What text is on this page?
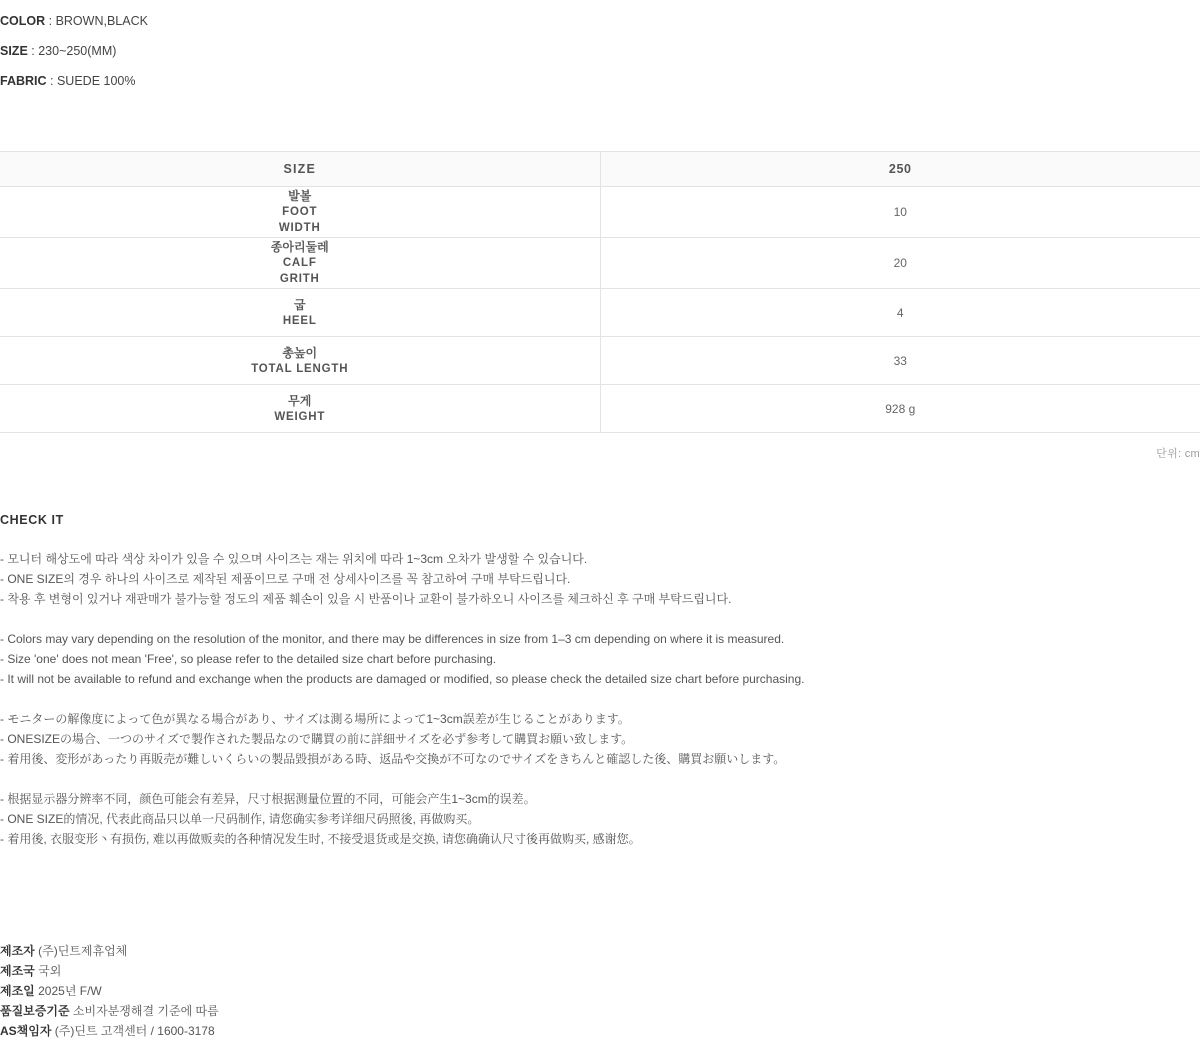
COLOR : BROWN,BLACK
SIZE : 230~250(MM)
FABRIC : SUEDE 100%
SIZE	250

발볼
FOOT
WIDTH	10

종아리둘레
CALF
GRITH	20

굽
HEEL	4

총높이
TOTAL LENGTH	33

무게
WEIGHT	928 g
단위: cm
CHECK IT
- 모니터 해상도에 따라 색상 차이가 있을 수 있으며 사이즈는 재는 위치에 따라 1~3cm 오차가 발생할 수 있습니다.
- ONE SIZE의 경우 하나의 사이즈로 제작된 제품이므로 구매 전 상세사이즈를 꼭 참고하여 구매 부탁드립니다.
- 착용 후 변형이 있거나 재판매가 불가능할 정도의 제품 훼손이 있을 시 반품이나 교환이 불가하오니 사이즈를 체크하신 후 구매 부탁드립니다.
- Colors may vary depending on the resolution of the monitor, and there may be differences in size from 1–3 cm depending on where it is measured.
- Size 'one' does not mean 'Free', so please refer to the detailed size chart before purchasing.
- It will not be available to refund and exchange when the products are damaged or modified, so please check the detailed size chart before purchasing.
- モニターの解像度によって色が異なる場合があり、サイズは測る場所によって1~3cm誤差が生じることがあります。
- ONESIZEの場合、一つのサイズで製作された製品なので購買の前に詳細サイズを必ず参考して購買お願い致します。
- 着用後、変形があったり再販売が難しいくらいの製品毀損がある時、返品や交換が不可なのでサイズをきちんと確認した後、購買お願いします。
- 根据显示器分辨率不同，颜色可能会有差异，尺寸根据测量位置的不同，可能会产生1~3cm的误差。
- ONE SIZE的情况, 代表此商品只以单一尺码制作, 请您确实参考详细尺码照後, 再做购买。
- 着用後, 衣服变形丶有损伤, 难以再做贩卖的各种情况发生时, 不接受退货或是交换, 请您确确认尺寸後再做购买, 感谢您。
제조자 (주)딘트제휴업체
제조국 국외
제조일 2025년 F/W
품질보증기준 소비자분쟁해결 기준에 따름
AS책임자 (주)딘트 고객센터 / 1600-3178
